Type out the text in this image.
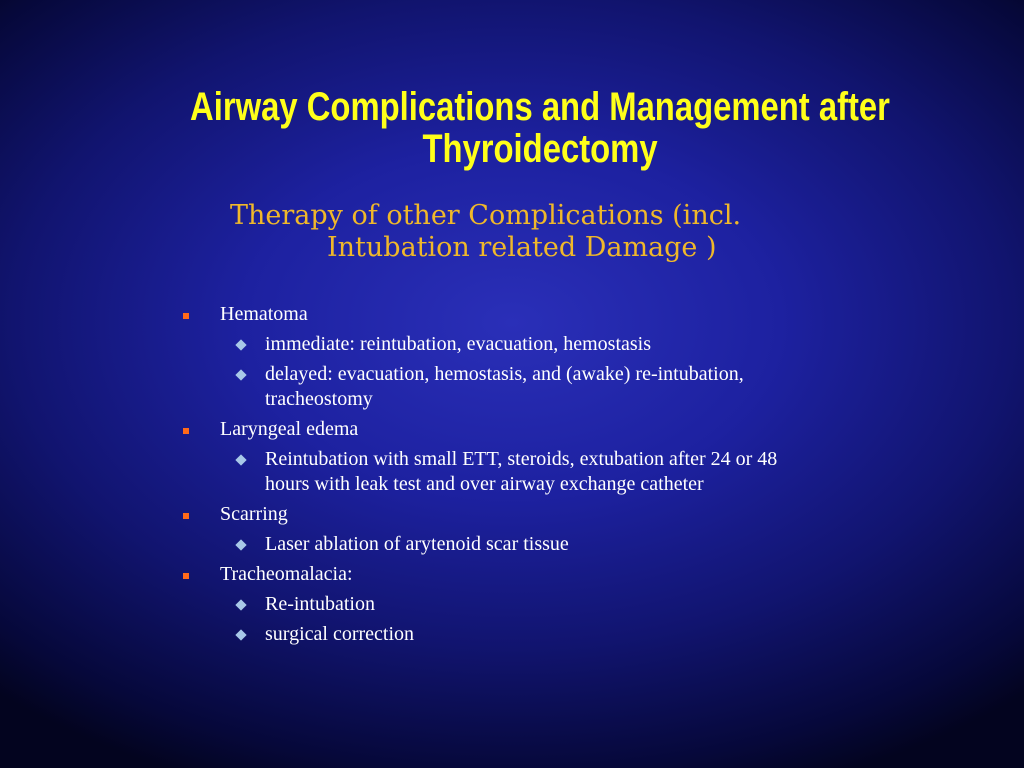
Airway Complications and Management after
Thyroidectomy
Therapy of other Complications (incl.
Intubation related Damage )
Hematoma
immediate: reintubation, evacuation, hemostasis
delayed: evacuation, hemostasis, and (awake) re-intubation, tracheostomy
Laryngeal edema
Reintubation with small ETT, steroids, extubation after 24 or 48 hours with leak test and over airway exchange catheter
Scarring
Laser ablation of arytenoid scar tissue
Tracheomalacia:
Re-intubation
surgical correction
